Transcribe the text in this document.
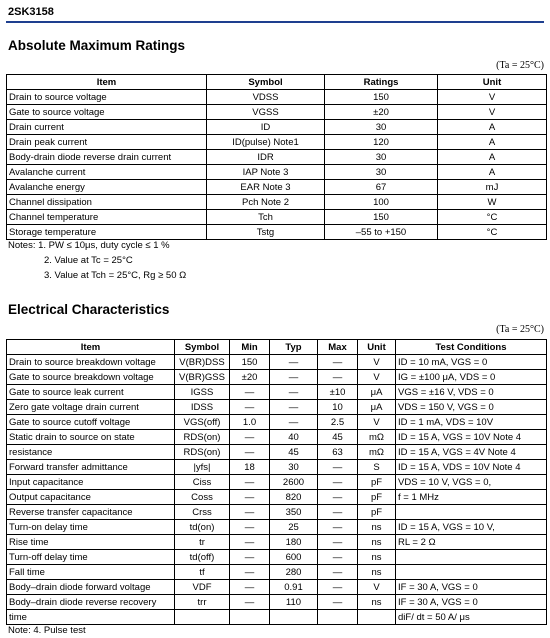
2SK3158
Absolute Maximum Ratings
(Ta = 25°C)
Item	Symbol	Ratings	Unit
Drain to source voltage	VDSS	150	V
Gate to source voltage	VGSS	±20	V
Drain current	ID	30	A
Drain peak current	ID(pulse) Note1	120	A
Body-drain diode reverse drain current	IDR	30	A
Avalanche current	IAP Note 3	30	A
Avalanche energy	EAR Note 3	67	mJ
Channel dissipation	Pch Note 2	100	W
Channel temperature	Tch	150	°C
Storage temperature	Tstg	–55 to +150	°C
Notes: 1. PW ≤ 10μs, duty cycle ≤ 1 %
2. Value at Tc = 25°C
3. Value at Tch = 25°C, Rg ≥ 50 Ω
Electrical Characteristics
(Ta = 25°C)
Item	Symbol	Min	Typ	Max	Unit	Test Conditions
Drain to source breakdown voltage	V(BR)DSS	150	—	—	V	ID = 10 mA, VGS = 0
Gate to source breakdown voltage	V(BR)GSS	±20	—	—	V	IG = ±100 μA, VDS = 0
Gate to source leak current	IGSS	—	—	±10	μA	VGS = ±16 V, VDS = 0
Zero gate voltage drain current	IDSS	—	—	10	μA	VDS = 150 V, VGS = 0
Gate to source cutoff voltage	VGS(off)	1.0	—	2.5	V	ID = 1 mA, VDS = 10V
Static drain to source on state	RDS(on)	—	40	45	mΩ	ID = 15 A, VGS = 10V Note 4
resistance	RDS(on)	—	45	63	mΩ	ID = 15 A, VGS = 4V Note 4
Forward transfer admittance	|yfs|	18	30	—	S	ID = 15 A, VDS = 10V Note 4
Input capacitance	Ciss	—	2600	—	pF	VDS = 10 V, VGS = 0,
Output capacitance	Coss	—	820	—	pF	f = 1 MHz
Reverse transfer capacitance	Crss	—	350	—	pF	
Turn-on delay time	td(on)	—	25	—	ns	ID = 15 A, VGS = 10 V,
Rise time	tr	—	180	—	ns	RL = 2 Ω
Turn-off delay time	td(off)	—	600	—	ns	
Fall time	tf	—	280	—	ns	
Body–drain diode forward voltage	VDF	—	0.91	—	V	IF = 30 A, VGS = 0
Body–drain diode reverse recovery	trr	—	110	—	ns	IF = 30 A, VGS = 0
time						diF/ dt = 50 A/ μs
Note: 4. Pulse test
